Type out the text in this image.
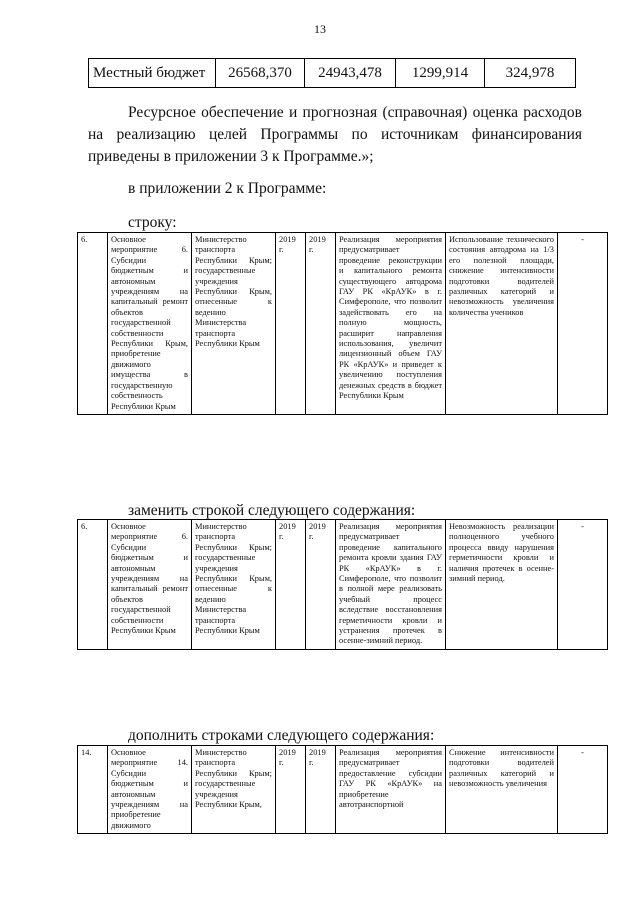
13
Местный бюджет	26568,370	24943,478	1299,914	324,978
Ресурсное обеспечение и прогнозная (справочная) оценка расходов на реализацию целей Программы по источникам финансирования приведены в приложении 3 к Программе.»;
в приложении 2 к Программе:
строку:
6.	Основное мероприятие 6. Субсидии бюджетным и автономным учреждениям на капитальный ремонт объектов государственной собственности Республики Крым, приобретение движимого имущества в государственную собственность Республики Крым	Министерство транспорта Республики Крым; государственные учреждения Республики Крым, отнесенные к ведению Министерства транспорта Республики Крым	2019 г.	2019 г.	Реализация мероприятия предусматривает проведение реконструкции и капитального ремонта существующего автодрома ГАУ РК «КрАУК» в г. Симферополе, что позволит задействовать его на полную мощность, расширит направления использования, увеличит лицензионный объем ГАУ РК «КрАУК» и приведет к увеличению поступления денежных средств в бюджет Республики Крым	Использование технического состояния автодрома на 1/3 его полезной площади, снижение интенсивности подготовки водителей различных категорий и невозможность увеличения количества учеников	-
заменить строкой следующего содержания:
6.	Основное мероприятие 6. Субсидии бюджетным и автономным учреждениям на капитальный ремонт объектов государственной собственности Республики Крым	Министерство транспорта Республики Крым; государственные учреждения Республики Крым, отнесенные к ведению Министерства транспорта Республики Крым	2019 г.	2019 г.	Реализация мероприятия предусматривает проведение капитального ремонта кровли здания ГАУ РК «КрАУК» в г. Симферополе, что позволит в полной мере реализовать учебный процесс вследствие восстановления герметичности кровли и устранения протечек в осенне-зимний период.	Невозможность реализации полноценного учебного процесса ввиду нарушения герметичности кровли и наличия протечек в осенне-зимний период.	-
дополнить строками следующего содержания:
14.	Основное мероприятие 14. Субсидии бюджетным и автономным учреждениям на приобретение движимого	Министерство транспорта Республики Крым; государственные учреждения Республики Крым,	2019 г.	2019 г.	Реализация мероприятия предусматривает предоставление субсидии ГАУ РК «КрАУК» на приобретение автотранспортной	Снижение интенсивности подготовки водителей различных категорий и невозможность увеличения	-
